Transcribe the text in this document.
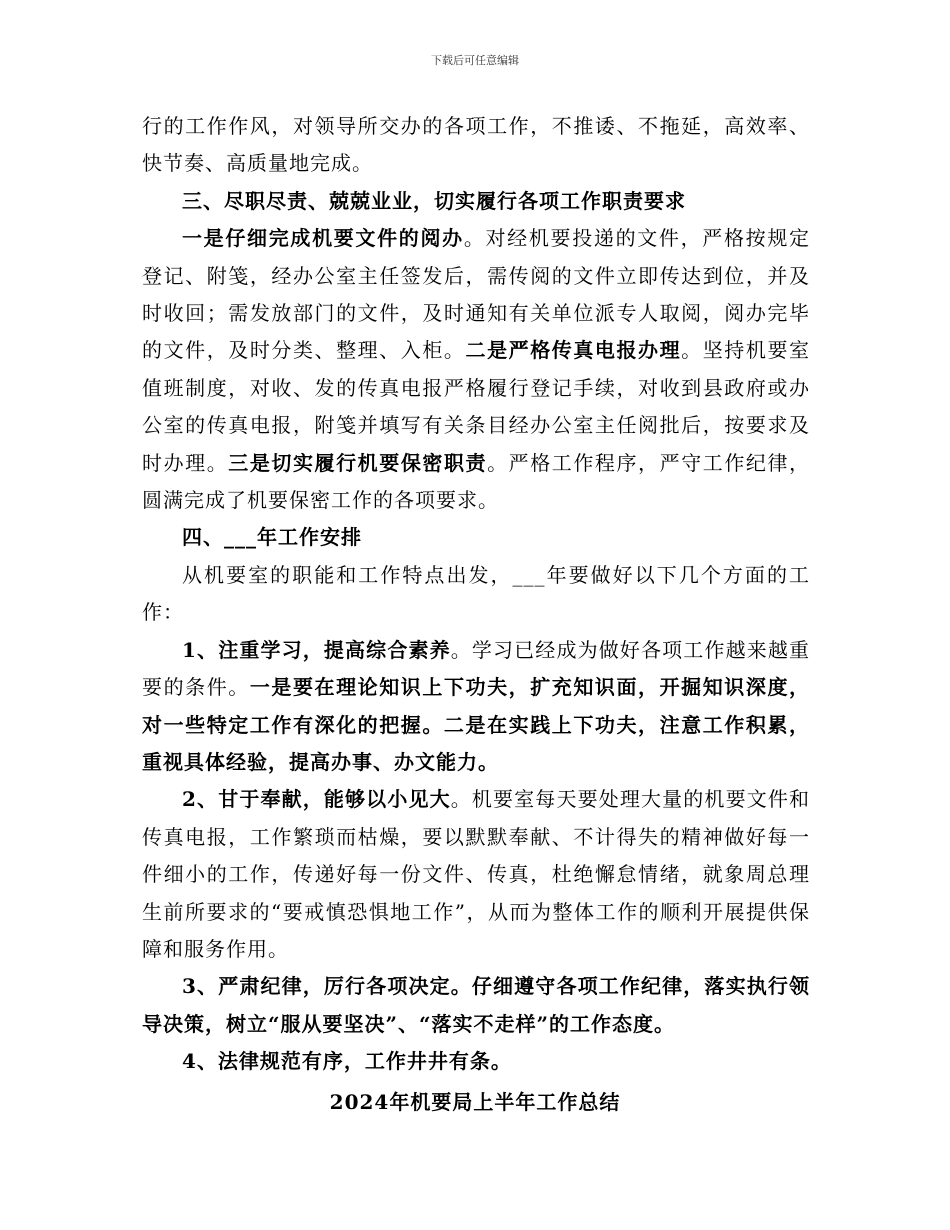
下载后可任意编辑

行的工作作风，对领导所交办的各项工作，不推诿、不拖延，高效率、快节奏、高质量地完成。

三、尽职尽责、兢兢业业，切实履行各项工作职责要求

一是仔细完成机要文件的阅办。对经机要投递的文件，严格按规定登记、附笺，经办公室主任签发后，需传阅的文件立即传达到位，并及时收回；需发放部门的文件，及时通知有关单位派专人取阅，阅办完毕的文件，及时分类、整理、入柜。二是严格传真电报办理。坚持机要室值班制度，对收、发的传真电报严格履行登记手续，对收到县政府或办公室的传真电报，附笺并填写有关条目经办公室主任阅批后，按要求及时办理。三是切实履行机要保密职责。严格工作程序，严守工作纪律，圆满完成了机要保密工作的各项要求。

四、___年工作安排

从机要室的职能和工作特点出发，___年要做好以下几个方面的工作：

1、注重学习，提高综合素养。学习已经成为做好各项工作越来越重要的条件。一是要在理论知识上下功夫，扩充知识面，开掘知识深度，对一些特定工作有深化的把握。二是在实践上下功夫，注意工作积累，重视具体经验，提高办事、办文能力。

2、甘于奉献，能够以小见大。机要室每天要处理大量的机要文件和传真电报，工作繁琐而枯燥，要以默默奉献、不计得失的精神做好每一件细小的工作，传递好每一份文件、传真，杜绝懈怠情绪，就象周总理生前所要求的“要戒慎恐惧地工作”，从而为整体工作的顺利开展提供保障和服务作用。

3、严肃纪律，厉行各项决定。仔细遵守各项工作纪律，落实执行领导决策，树立“服从要坚决”、“落实不走样”的工作态度。

4、法律规范有序，工作井井有条。

2024年机要局上半年工作总结
